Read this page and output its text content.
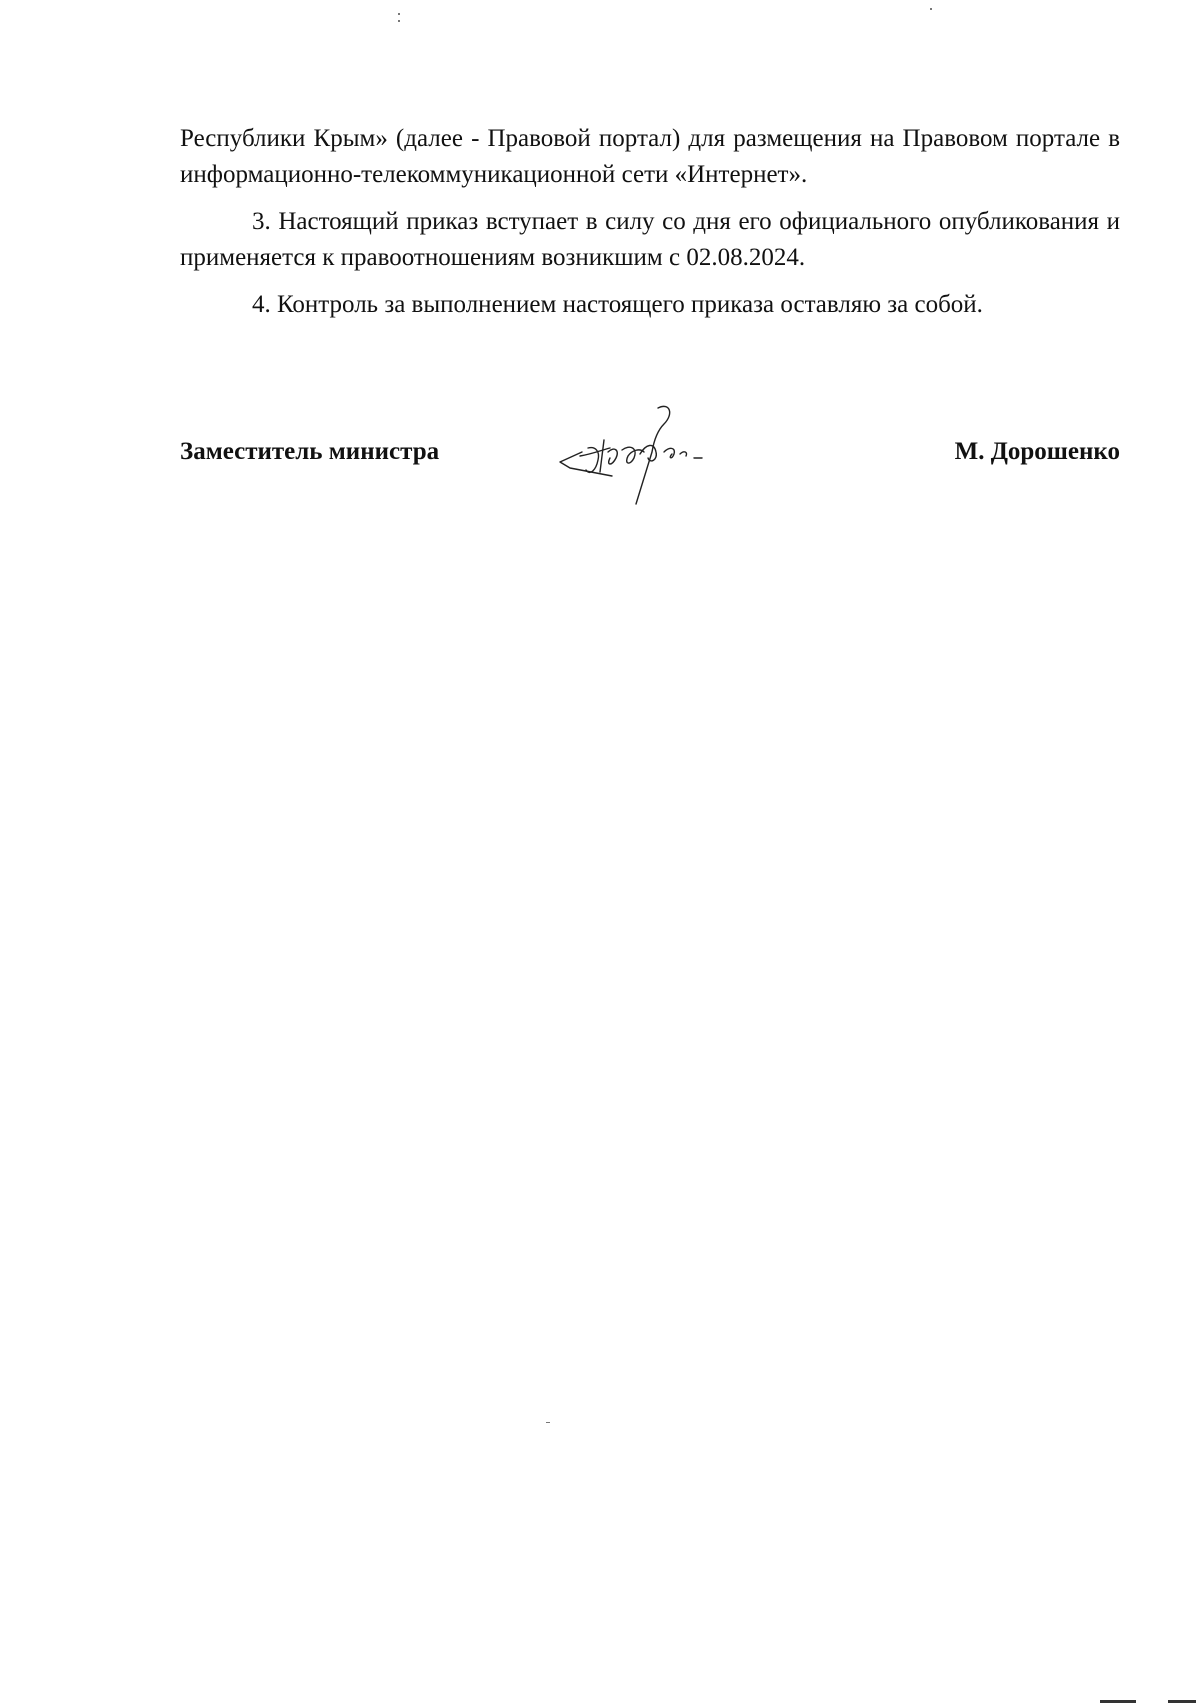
Республики Крым» (далее - Правовой портал) для размещения на Правовом портале в информационно-телекоммуникационной сети «Интернет».

3. Настоящий приказ вступает в силу со дня его официального опубликования и применяется к правоотношениям возникшим с 02.08.2024.

4. Контроль за выполнением настоящего приказа оставляю за собой.

Заместитель министра	М. Дорошенко
